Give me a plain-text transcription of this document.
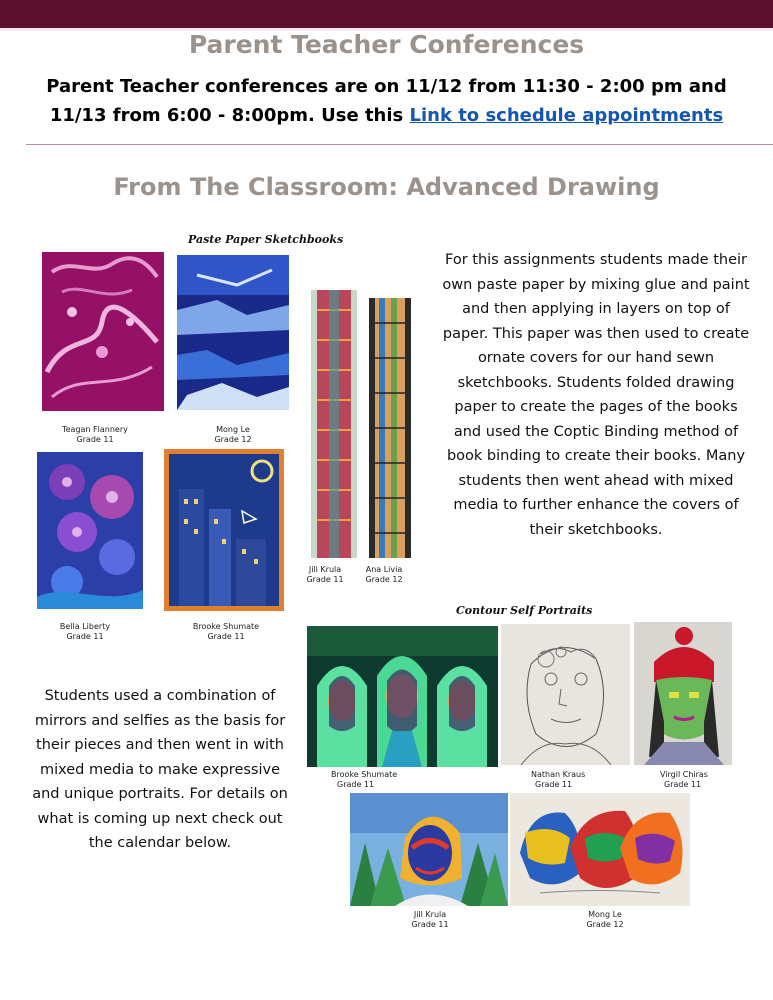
Parent Teacher Conferences
Parent Teacher conferences are on 11/12 from 11:30 - 2:00 pm and 11/13 from 6:00 - 8:00pm. Use this Link to schedule appointments
From The Classroom: Advanced Drawing
Paste Paper Sketchbooks
Teagan Flannery
Grade 11
Mong Le
Grade 12
Jill Krula
Grade 11
Ana Livia
Grade 12
Bella Liberty
Grade 11
Brooke Shumate
Grade 11
For this assignments students made their own paste paper by mixing glue and paint and then applying in layers on top of paper. This paper was then used to create ornate covers for our hand sewn sketchbooks. Students folded drawing paper to create the pages of the books and used the Coptic Binding method of book binding to create their books. Many students then went ahead with mixed media to further enhance the covers of their sketchbooks.
Contour Self Portraits
Brooke Shumate
Grade 11
Nathan Kraus
Grade 11
Virgil Chiras
Grade 11
Jill Krula
Grade 11
Mong Le
Grade 12
Students used a combination of mirrors and selfies as the basis for their pieces and then went in with mixed media to make expressive and unique portraits. For details on what is coming up next check out the calendar below.
